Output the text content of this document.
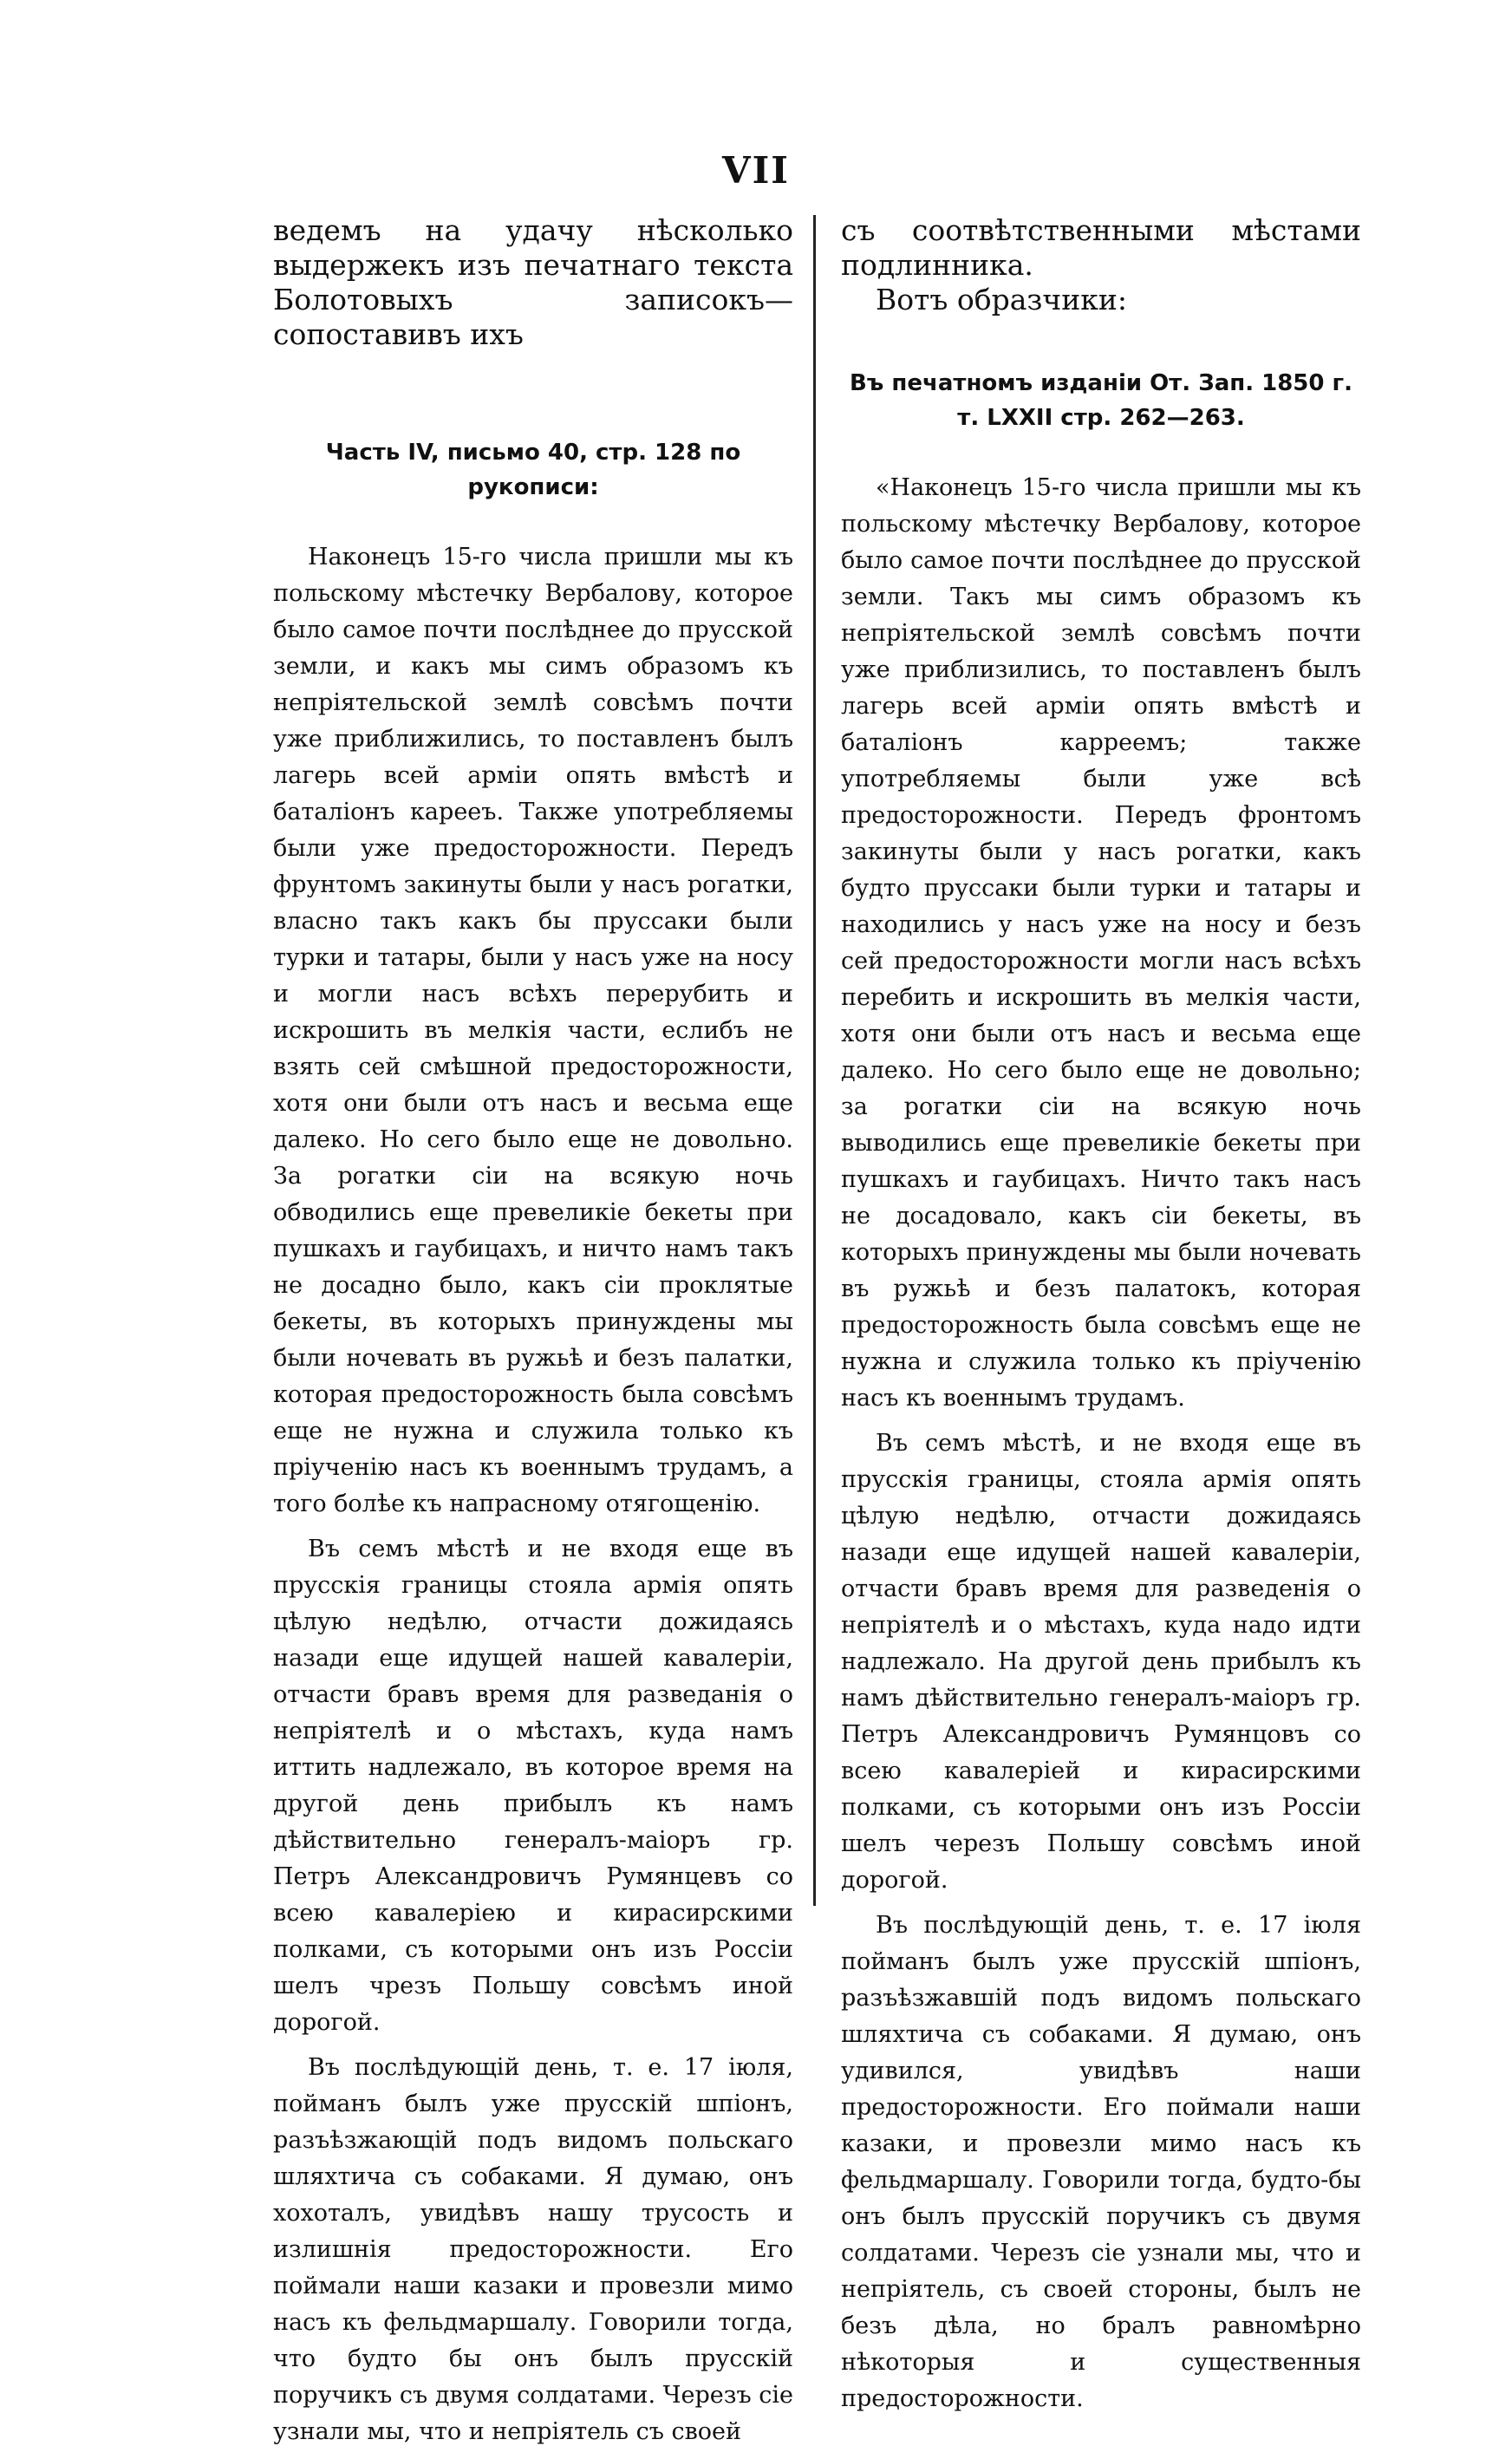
VII

ведемъ на удачу нѣсколько выдержекъ изъ печатнаго текста Болотовыхъ записокъ—сопоставивъ ихъ

Часть IV, письмо 40, стр. 128 по рукописи:

Наконецъ 15-го числа пришли мы къ польскому мѣстечку Вербалову, которое было самое почти послѣднее до прусской земли, и какъ мы симъ образомъ къ непріятельской землѣ совсѣмъ почти уже приближились, то поставленъ былъ лагерь всей арміи опять вмѣстѣ и баталіонъ карееъ. Также употребляемы были уже предосторожности. Передъ фрунтомъ закинуты были у насъ рогатки, власно такъ какъ бы пруссаки были турки и татары, были у насъ уже на носу и могли насъ всѣхъ перерубить и искрошить въ мелкія части, еслибъ не взять сей смѣшной предосторожности, хотя они были отъ насъ и весьма еще далеко. Но сего было еще не довольно. За рогатки сіи на всякую ночь обводились еще превеликіе бекеты при пушкахъ и гаубицахъ, и ничто намъ такъ не досадно было, какъ сіи проклятые бекеты, въ которыхъ принуждены мы были ночевать въ ружьѣ и безъ палатки, которая предосторожность была совсѣмъ еще не нужна и служила только къ пріученію насъ къ военнымъ трудамъ, а того болѣе къ напрасному отягощенію.

Въ семъ мѣстѣ и не входя еще въ прусскія границы стояла армія опять цѣлую недѣлю, отчасти дожидаясь назади еще идущей нашей кавалеріи, отчасти бравъ время для разведанія о непріятелѣ и о мѣстахъ, куда намъ иттить надлежало, въ которое время на другой день прибылъ къ намъ дѣйствительно генералъ-маіоръ гр. Петръ Александровичъ Румянцевъ со всею кавалеріею и кирасирскими полками, съ которыми онъ изъ Россіи шелъ чрезъ Польшу совсѣмъ иной дорогой.

Въ послѣдующій день, т. е. 17 іюля, пойманъ былъ уже прусскій шпіонъ, разъѣзжающій подъ видомъ польскаго шляхтича съ собаками. Я думаю, онъ хохоталъ, увидѣвъ нашу трусость и излишнія предосторожности. Его поймали наши казаки и провезли мимо насъ къ фельдмаршалу. Говорили тогда, что будто бы онъ былъ прусскій поручикъ съ двумя солдатами. Черезъ сіе узнали мы, что и непріятель съ своей

съ соотвѣтственными мѣстами подлинника.

Вотъ образчики:

Въ печатномъ изданіи От. Зап. 1850 г. т. LXXII стр. 262—263.

«Наконецъ 15-го числа пришли мы къ польскому мѣстечку Вербалову, которое было самое почти послѣднее до прусской земли. Такъ мы симъ образомъ къ непріятельской землѣ совсѣмъ почти уже приблизились, то поставленъ былъ лагерь всей арміи опять вмѣстѣ и баталіонъ карреемъ; также употребляемы были уже всѣ предосторожности. Передъ фронтомъ закинуты были у насъ рогатки, какъ будто пруссаки были турки и татары и находились у насъ уже на носу и безъ сей предосторожности могли насъ всѣхъ перебить и искрошить въ мелкія части, хотя они были отъ насъ и весьма еще далеко. Но сего было еще не довольно; за рогатки сіи на всякую ночь выводились еще превеликіе бекеты при пушкахъ и гаубицахъ. Ничто такъ насъ не досадовало, какъ сіи бекеты, въ которыхъ принуждены мы были ночевать въ ружьѣ и безъ палатокъ, которая предосторожность была совсѣмъ еще не нужна и служила только къ пріученію насъ къ военнымъ трудамъ.

Въ семъ мѣстѣ, и не входя еще въ прусскія границы, стояла армія опять цѣлую недѣлю, отчасти дожидаясь назади еще идущей нашей кавалеріи, отчасти бравъ время для разведенія о непріятелѣ и о мѣстахъ, куда надо идти надлежало. На другой день прибылъ къ намъ дѣйствительно генералъ-маіоръ гр. Петръ Александровичъ Румянцовъ со всею кавалеріей и кирасирскими полками, съ которыми онъ изъ Россіи шелъ черезъ Польшу совсѣмъ иной дорогой.

Въ послѣдующій день, т. е. 17 іюля пойманъ былъ уже прусскій шпіонъ, разъѣзжавшій подъ видомъ польскаго шляхтича съ собаками. Я думаю, онъ удивился, увидѣвъ наши предосторожности. Его поймали наши казаки, и провезли мимо насъ къ фельдмаршалу. Говорили тогда, будто-бы онъ былъ прусскій поручикъ съ двумя солдатами. Черезъ сіе узнали мы, что и непріятель, съ своей стороны, былъ не безъ дѣла, но бралъ равномѣрно нѣкоторыя и существенныя предосторожности.
